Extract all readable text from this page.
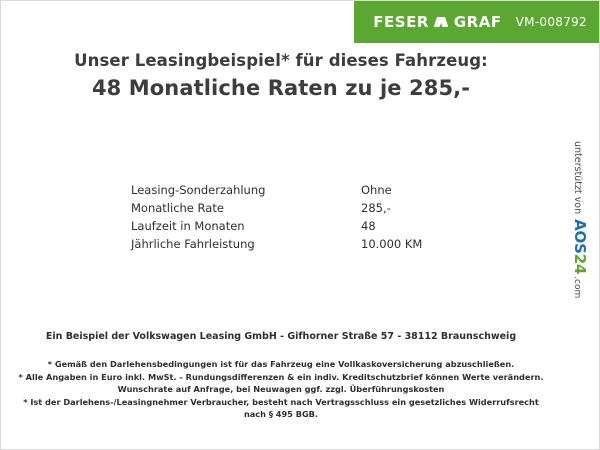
FESER GRAF VM-008792
Unser Leasingbeispiel* für dieses Fahrzeug:
48 Monatliche Raten zu je 285,-
Leasing-Sonderzahlung	Ohne
Monatliche Rate	285,-
Laufzeit in Monaten	48
Jährliche Fahrleistung	10.000 KM
Ein Beispiel der Volkswagen Leasing GmbH - Gifhorner Straße 57 - 38112 Braunschweig
* Gemäß den Darlehensbedingungen ist für das Fahrzeug eine Vollkaskoversicherung abzuschließen.
* Alle Angaben in Euro inkl. MwSt. - Rundungsdifferenzen & ein indiv. Kreditschutzbrief können Werte verändern.
Wunschrate auf Anfrage, bei Neuwagen ggf. zzgl. Überführungskosten
* Ist der Darlehens-/Leasingnehmer Verbraucher, besteht nach Vertragsschluss ein gesetzliches Widerrufsrecht
nach § 495 BGB.
unterstützt von
AOS24
.com
